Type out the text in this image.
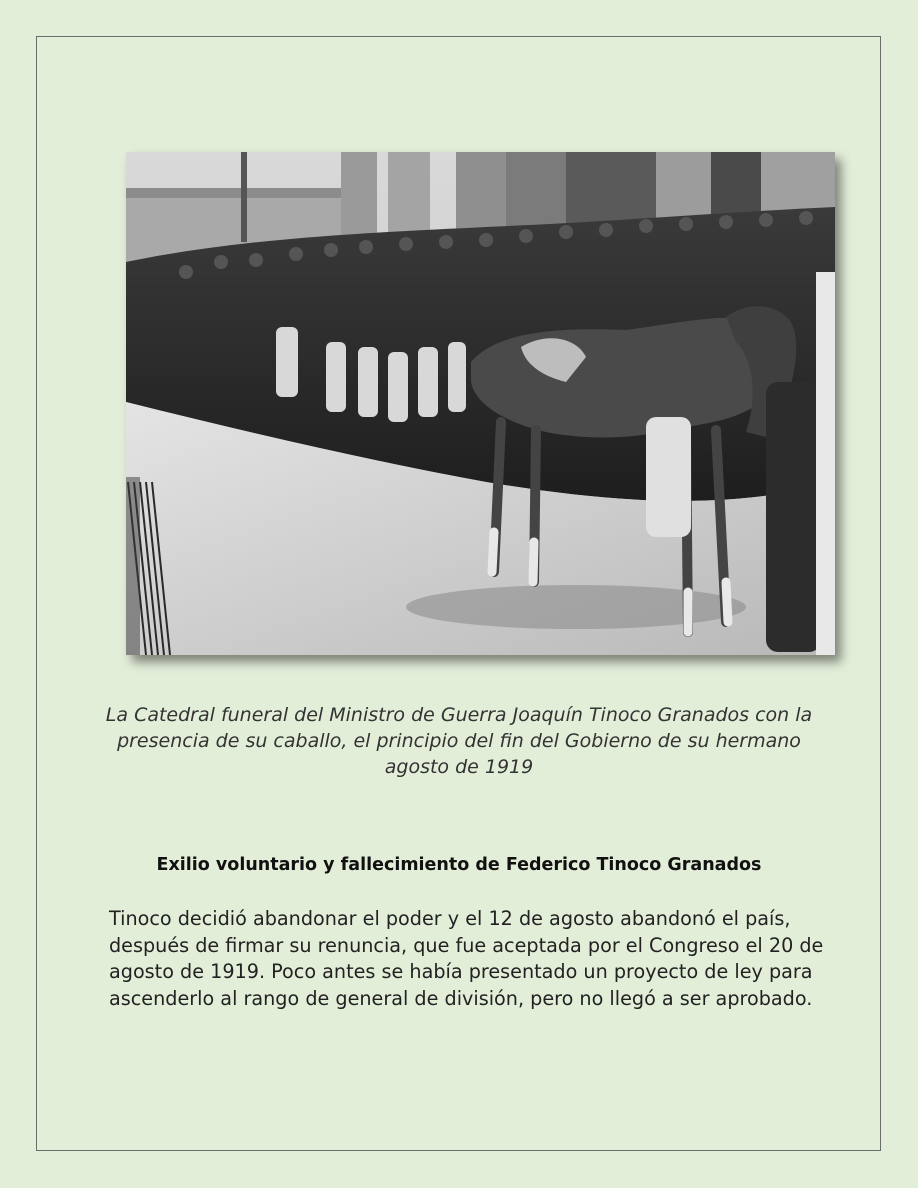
La Catedral funeral del Ministro de Guerra Joaquín Tinoco Granados con la presencia de su caballo, el principio del fin del Gobierno de su hermano agosto de 1919
Exilio voluntario y fallecimiento de Federico Tinoco Granados
Tinoco decidió abandonar el poder y el 12 de agosto abandonó el país, después de firmar su renuncia, que fue aceptada por el Congreso el 20 de agosto de 1919. Poco antes se había presentado un proyecto de ley para ascenderlo al rango de general de división, pero no llegó a ser aprobado.
